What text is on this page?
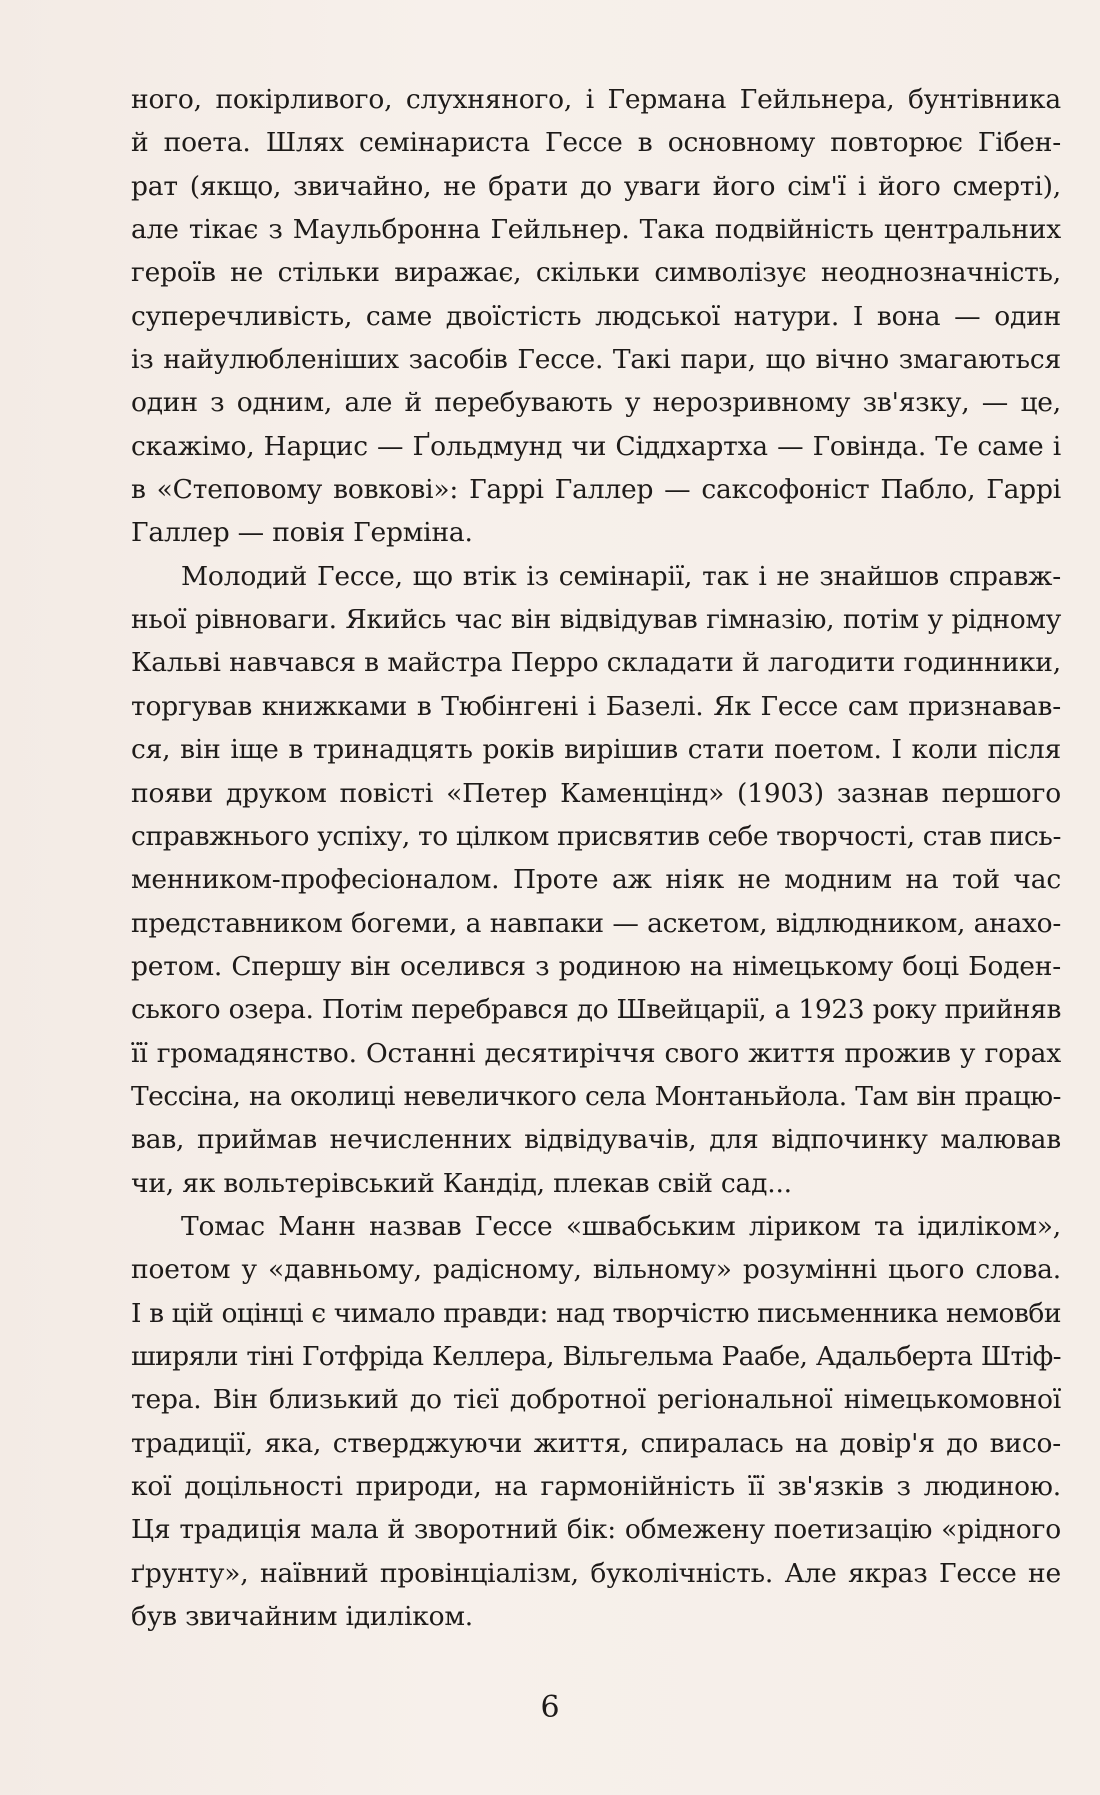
ного, покірливого, слухняного, і Германа Гейльнера, бунтівника
й поета. Шлях семінариста Гессе в основному повторює Гібен-
рат (якщо, звичайно, не брати до уваги його сім'ї і його смерті),
але тікає з Маульбронна Гейльнер. Така подвійність центральних
героїв не стільки виражає, скільки символізує неоднозначність,
суперечливість, саме двоїстість людської натури. І вона — один
із найулюбленіших засобів Гессе. Такі пари, що вічно змагаються
один з одним, але й перебувають у нерозривному зв'язку, — це,
скажімо, Нарцис — Ґольдмунд чи Сіддхартха — Говінда. Те саме і
в «Степовому вовкові»: Гаррі Галлер — саксофоніст Пабло, Гаррі
Галлер — повія Герміна.
Молодий Гессе, що втік із семінарії, так і не знайшов справж-
ньої рівноваги. Якийсь час він відвідував гімназію, потім у рідному
Кальві навчався в майстра Перро складати й лагодити годинники,
торгував книжками в Тюбінгені і Базелі. Як Гессе сам признавав-
ся, він іще в тринадцять років вирішив стати поетом. І коли після
появи друком повісті «Петер Каменцінд» (1903) зазнав першого
справжнього успіху, то цілком присвятив себе творчості, став пись-
менником-професіоналом. Проте аж ніяк не модним на той час
представником богеми, а навпаки — аскетом, відлюдником, анахо-
ретом. Спершу він оселився з родиною на німецькому боці Боден-
ського озера. Потім перебрався до Швейцарії, а 1923 року прийняв
її громадянство. Останні десятиріччя свого життя прожив у горах
Тессіна, на околиці невеличкого села Монтаньйола. Там він працю-
вав, приймав нечисленних відвідувачів, для відпочинку малював
чи, як вольтерівський Кандід, плекав свій сад...
Томас Манн назвав Гессе «швабським ліриком та ідиліком»,
поетом у «давньому, радісному, вільному» розумінні цього слова.
І в цій оцінці є чимало правди: над творчістю письменника немовби
ширяли тіні Готфріда Келлера, Вільгельма Раабе, Адальберта Штіф-
тера. Він близький до тієї добротної регіональної німецькомовної
традиції, яка, стверджуючи життя, спиралась на довір'я до висо-
кої доцільності природи, на гармонійність її зв'язків з людиною.
Ця традиція мала й зворотний бік: обмежену поетизацію «рідного
ґрунту», наївний провінціалізм, буколічність. Але якраз Гессе не
був звичайним ідиліком.
6
